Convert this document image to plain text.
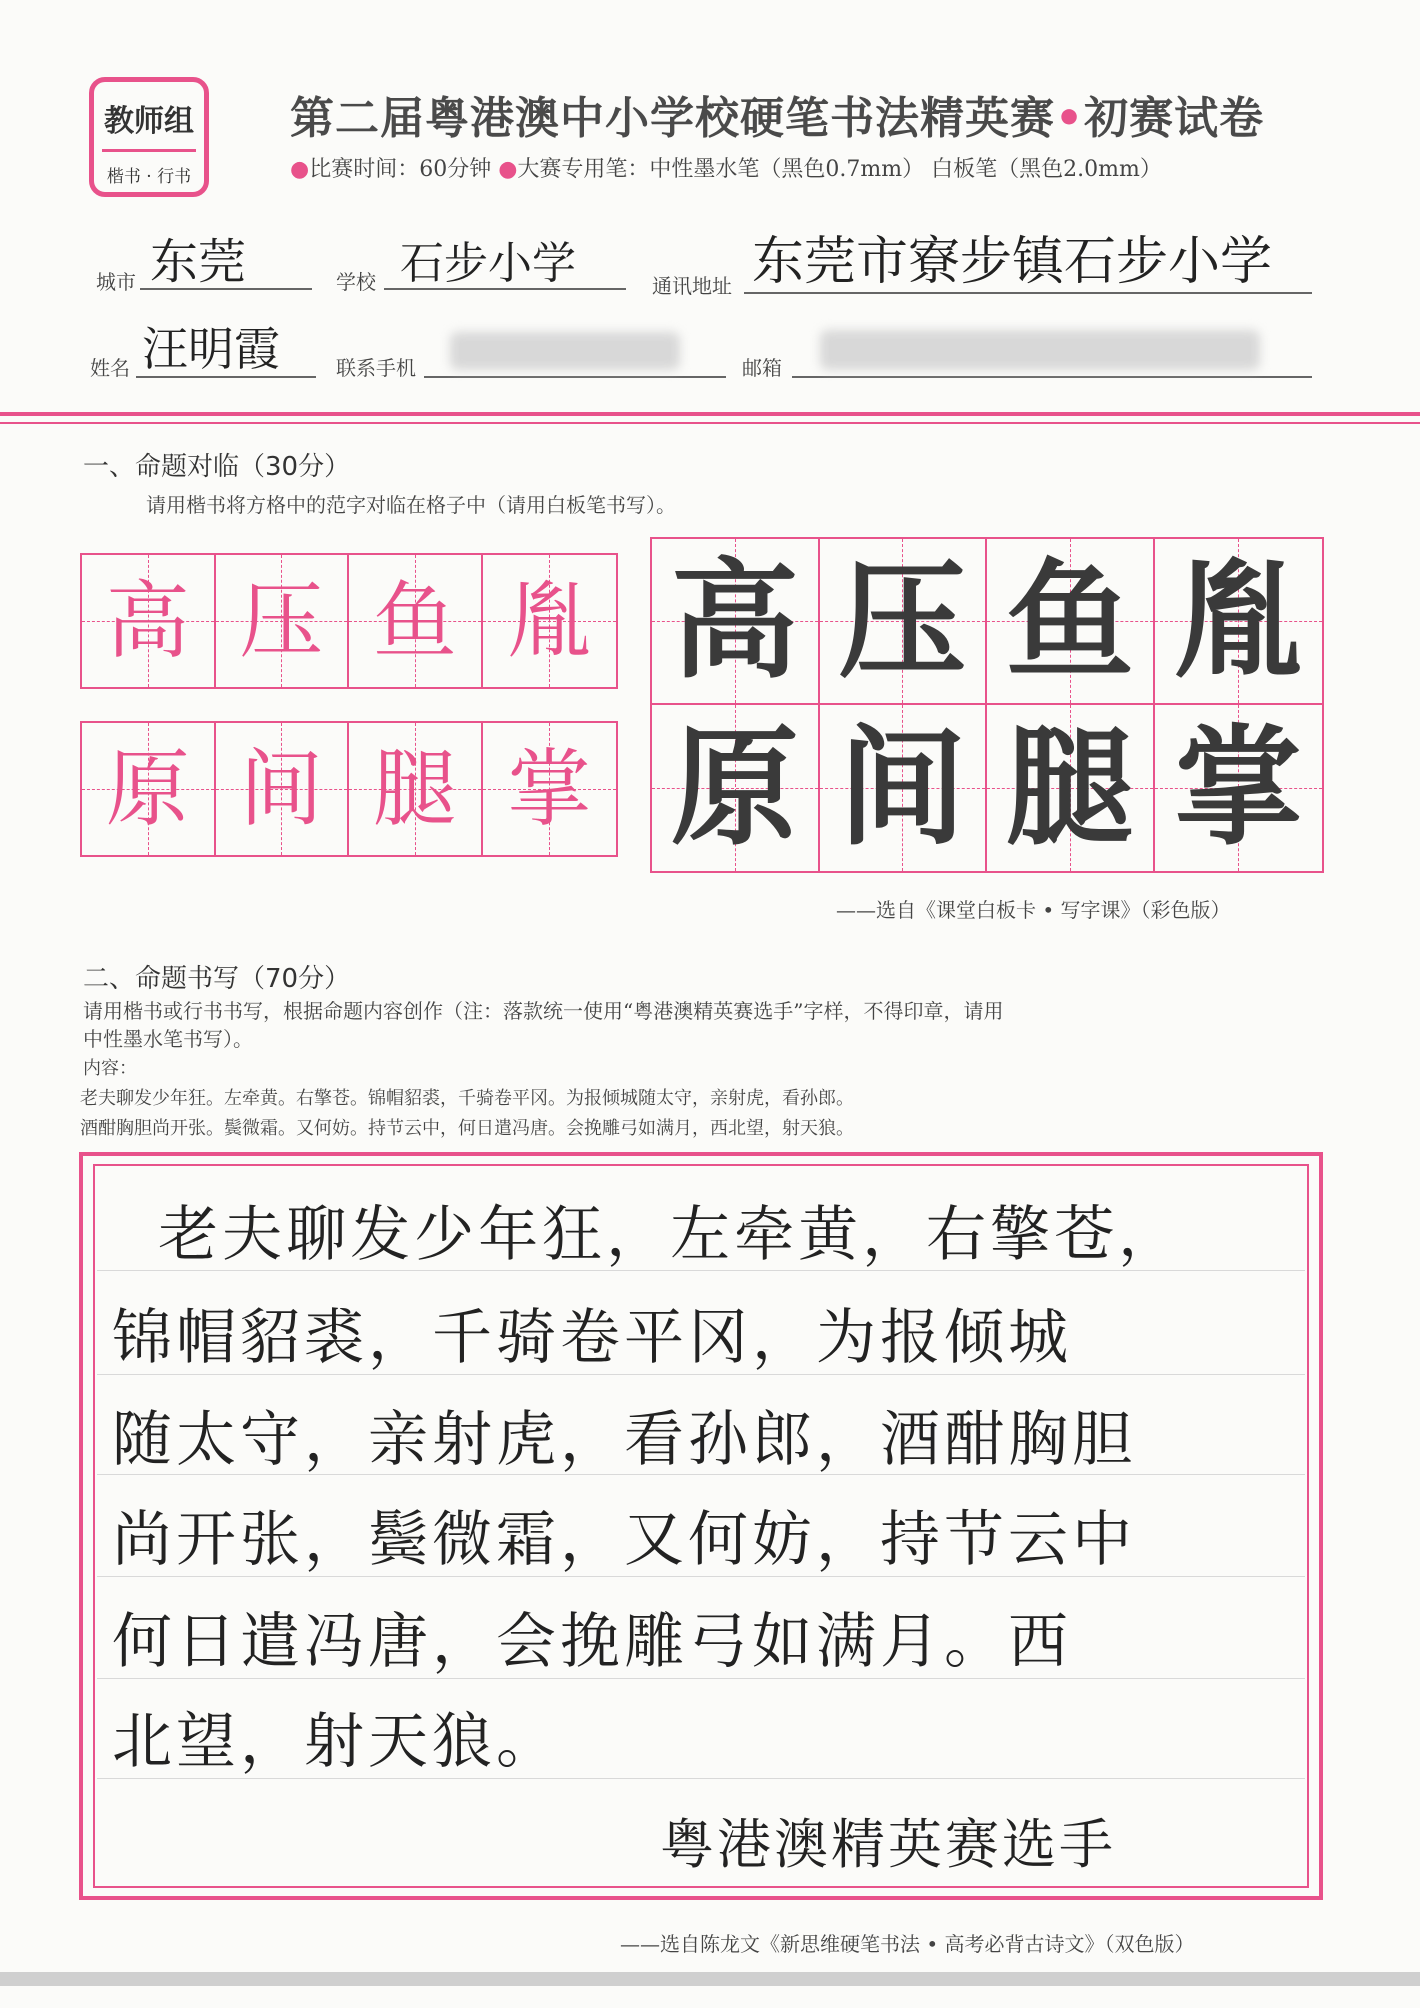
教师组
楷书 · 行书
第二届粤港澳中小学校硬笔书法精英赛•初赛试卷
●比赛时间：60分钟 ●大赛专用笔：中性墨水笔（黑色0.7mm） 白板笔（黑色2.0mm）
城市 东莞	学校 石步小学	通讯地址 东莞市寮步镇石步小学
姓名 汪明霞	联系手机	邮箱
一、命题对临（30分）
请用楷书将方格中的范字对临在格子中（请用白板笔书写）。
高 压 鱼 胤
原 间 腿 掌
高 压 鱼 胤
原 间 腿 掌
——选自《课堂白板卡 • 写字课》（彩色版）
二、命题书写（70分）
请用楷书或行书书写，根据命题内容创作（注：落款统一使用“粤港澳精英赛选手”字样，不得印章，请用
中性墨水笔书写）。
内容：
老夫聊发少年狂。左牵黄。右擎苍。锦帽貂裘，千骑卷平冈。为报倾城随太守，亲射虎，看孙郎。
酒酣胸胆尚开张。鬓微霜。又何妨。持节云中，何日遣冯唐。会挽雕弓如满月，西北望，射天狼。
老夫聊发少年狂，左牵黄，右擎苍，
锦帽貂裘，千骑卷平冈，为报倾城
随太守，亲射虎，看孙郎，酒酣胸胆
尚开张，鬓微霜，又何妨，持节云中
何日遣冯唐，会挽雕弓如满月。西
北望，射天狼。
粤港澳精英赛选手
——选自陈龙文《新思维硬笔书法 • 高考必背古诗文》（双色版）
